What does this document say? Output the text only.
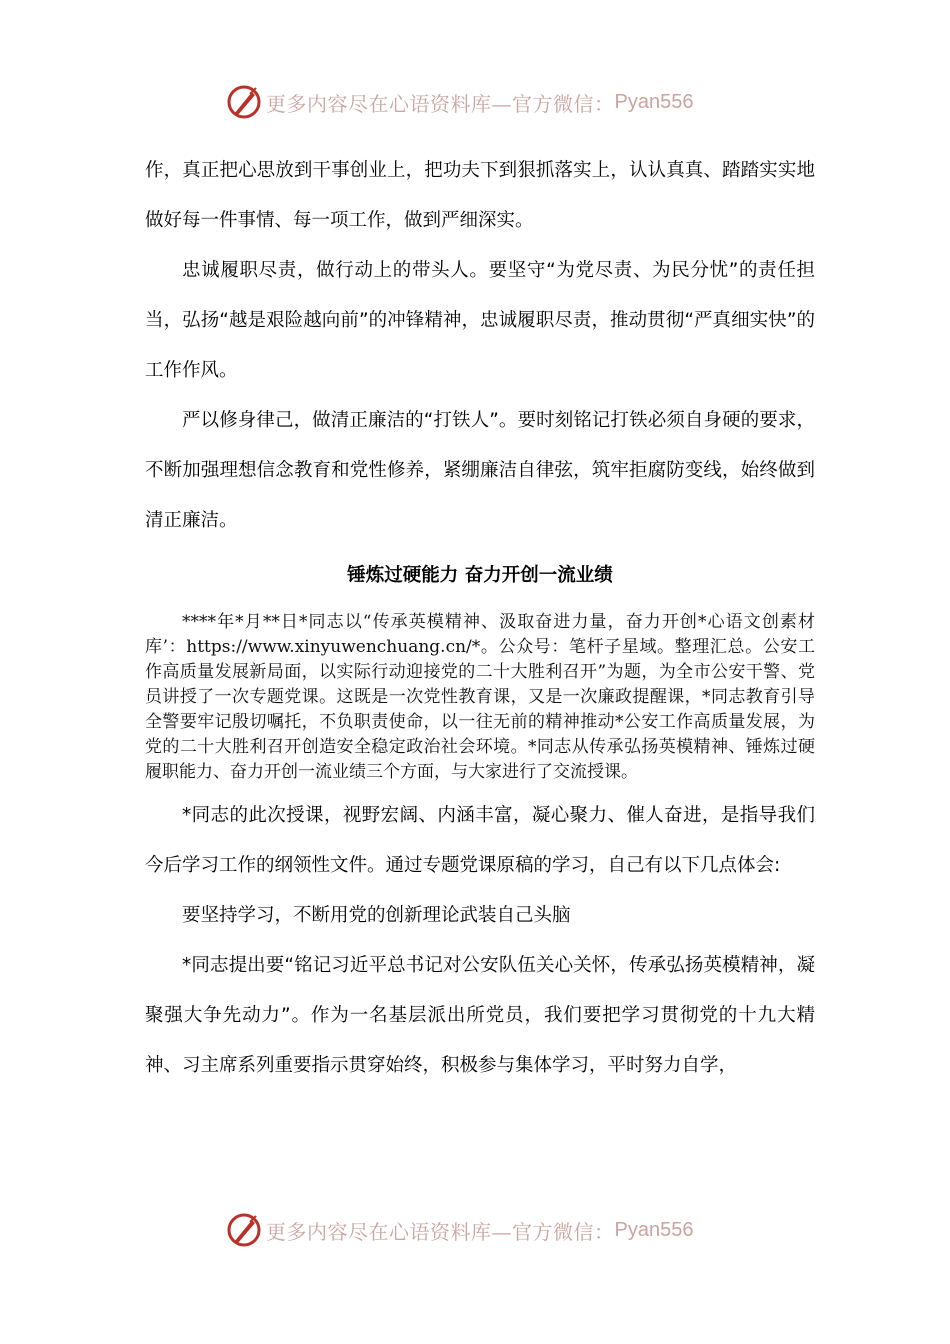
更多内容尽在心语资料库—官方微信： Pyan556

作，真正把心思放到干事创业上，把功夫下到狠抓落实上，认认真真、踏踏实实地做好每一件事情、每一项工作，做到严细深实。

忠诚履职尽责，做行动上的带头人。要坚守“为党尽责、为民分忧”的责任担当，弘扬“越是艰险越向前”的冲锋精神，忠诚履职尽责，推动贯彻“严真细实快”的工作作风。

严以修身律己，做清正廉洁的“打铁人”。要时刻铭记打铁必须自身硬的要求，不断加强理想信念教育和党性修养，紧绷廉洁自律弦，筑牢拒腐防变线，始终做到清正廉洁。

锤炼过硬能力 奋力开创一流业绩

****年*月**日*同志以“传承英模精神、汲取奋进力量，奋力开创*心语文创素材库’：https://www.xinyuwenchuang.cn/*。公众号：笔杆子星域。整理汇总。公安工作高质量发展新局面，以实际行动迎接党的二十大胜利召开”为题，为全市公安干警、党员讲授了一次专题党课。这既是一次党性教育课，又是一次廉政提醒课，*同志教育引导全警要牢记殷切嘱托，不负职责使命，以一往无前的精神推动*公安工作高质量发展，为党的二十大胜利召开创造安全稳定政治社会环境。*同志从传承弘扬英模精神、锤炼过硬履职能力、奋力开创一流业绩三个方面，与大家进行了交流授课。

*同志的此次授课，视野宏阔、内涵丰富，凝心聚力、催人奋进，是指导我们今后学习工作的纲领性文件。通过专题党课原稿的学习，自己有以下几点体会:

要坚持学习，不断用党的创新理论武装自己头脑

*同志提出要“铭记习近平总书记对公安队伍关心关怀，传承弘扬英模精神，凝聚强大争先动力”。作为一名基层派出所党员，我们要把学习贯彻党的十九大精神、习主席系列重要指示贯穿始终，积极参与集体学习，平时努力自学，

更多内容尽在心语资料库—官方微信： Pyan556
